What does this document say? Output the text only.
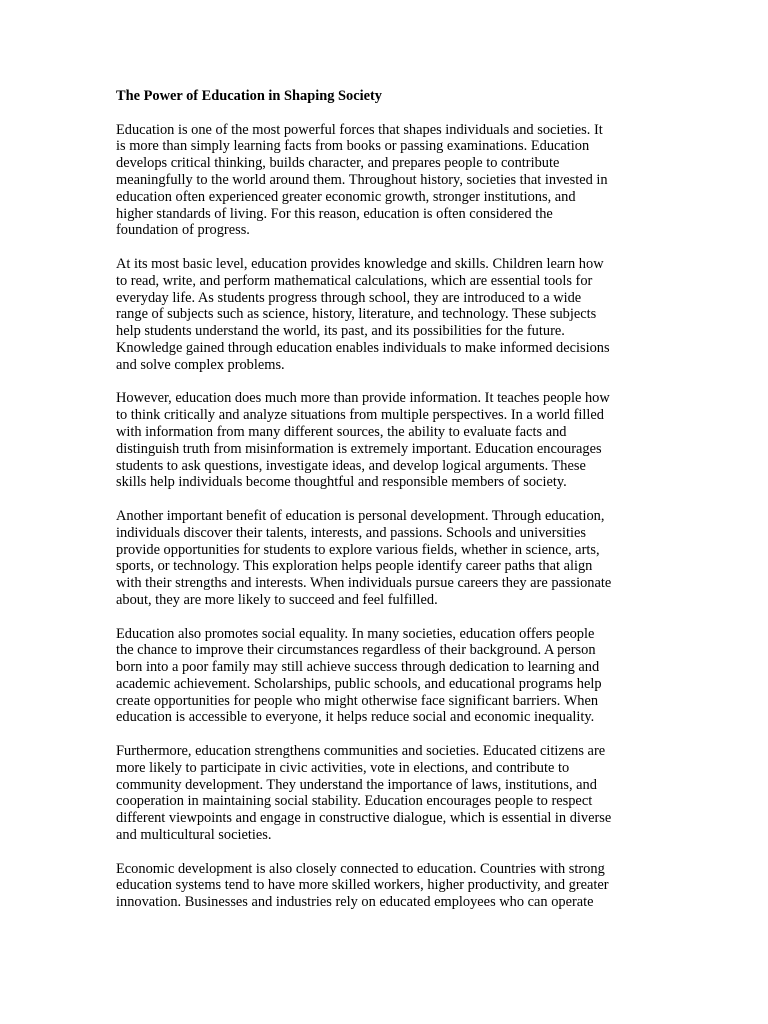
The Power of Education in Shaping Society

Education is one of the most powerful forces that shapes individuals and societies. It
is more than simply learning facts from books or passing examinations. Education
develops critical thinking, builds character, and prepares people to contribute
meaningfully to the world around them. Throughout history, societies that invested in
education often experienced greater economic growth, stronger institutions, and
higher standards of living. For this reason, education is often considered the
foundation of progress.

At its most basic level, education provides knowledge and skills. Children learn how
to read, write, and perform mathematical calculations, which are essential tools for
everyday life. As students progress through school, they are introduced to a wide
range of subjects such as science, history, literature, and technology. These subjects
help students understand the world, its past, and its possibilities for the future.
Knowledge gained through education enables individuals to make informed decisions
and solve complex problems.

However, education does much more than provide information. It teaches people how
to think critically and analyze situations from multiple perspectives. In a world filled
with information from many different sources, the ability to evaluate facts and
distinguish truth from misinformation is extremely important. Education encourages
students to ask questions, investigate ideas, and develop logical arguments. These
skills help individuals become thoughtful and responsible members of society.

Another important benefit of education is personal development. Through education,
individuals discover their talents, interests, and passions. Schools and universities
provide opportunities for students to explore various fields, whether in science, arts,
sports, or technology. This exploration helps people identify career paths that align
with their strengths and interests. When individuals pursue careers they are passionate
about, they are more likely to succeed and feel fulfilled.

Education also promotes social equality. In many societies, education offers people
the chance to improve their circumstances regardless of their background. A person
born into a poor family may still achieve success through dedication to learning and
academic achievement. Scholarships, public schools, and educational programs help
create opportunities for people who might otherwise face significant barriers. When
education is accessible to everyone, it helps reduce social and economic inequality.

Furthermore, education strengthens communities and societies. Educated citizens are
more likely to participate in civic activities, vote in elections, and contribute to
community development. They understand the importance of laws, institutions, and
cooperation in maintaining social stability. Education encourages people to respect
different viewpoints and engage in constructive dialogue, which is essential in diverse
and multicultural societies.

Economic development is also closely connected to education. Countries with strong
education systems tend to have more skilled workers, higher productivity, and greater
innovation. Businesses and industries rely on educated employees who can operate
